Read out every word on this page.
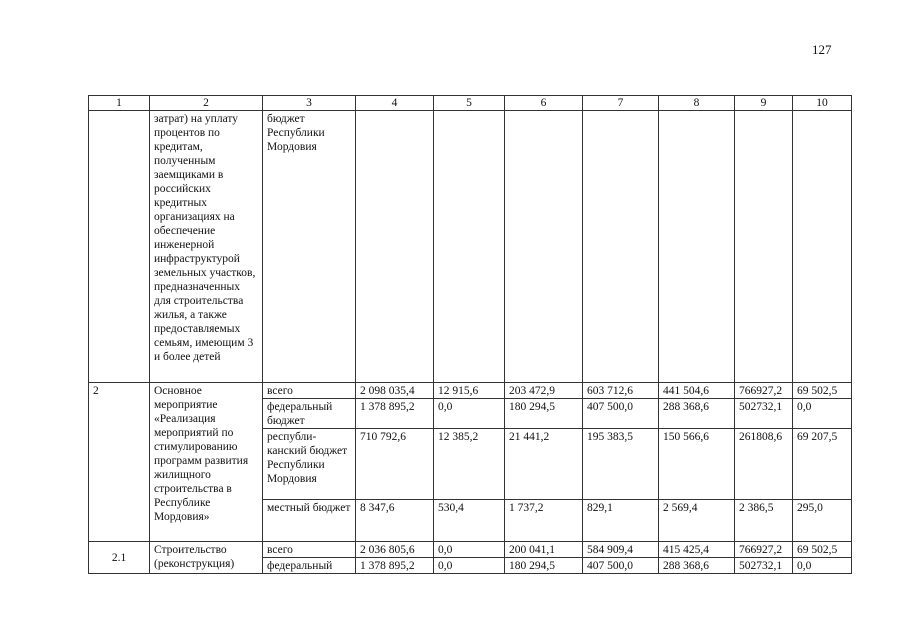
127
1	2	3	4	5	6	7	8	9	10
	затрат) на уплату процентов по кредитам, полученным заемщиками в российских кредитных организациях на обеспечение инженерной инфраструктурой земельных участков, предназначенных для строительства жилья, а также предоставляемых семьям, имеющим 3 и более детей	бюджет Республики Мордовия							
2	Основное мероприятие «Реализация мероприятий по стимулированию программ развития жилищного строительства в Республике Мордовия»	всего	2 098 035,4	12 915,6	203 472,9	603 712,6	441 504,6	766927,2	69 502,5
		федеральный бюджет	1 378 895,2	0,0	180 294,5	407 500,0	288 368,6	502732,1	0,0
		республи-канский бюджет Республики Мордовия	710 792,6	12 385,2	21 441,2	195 383,5	150 566,6	261808,6	69 207,5
		местный бюджет	8 347,6	530,4	1 737,2	829,1	2 569,4	2 386,5	295,0
2.1	Строительство (реконструкция)	всего	2 036 805,6	0,0	200 041,1	584 909,4	415 425,4	766927,2	69 502,5
		федеральный	1 378 895,2	0,0	180 294,5	407 500,0	288 368,6	502732,1	0,0
